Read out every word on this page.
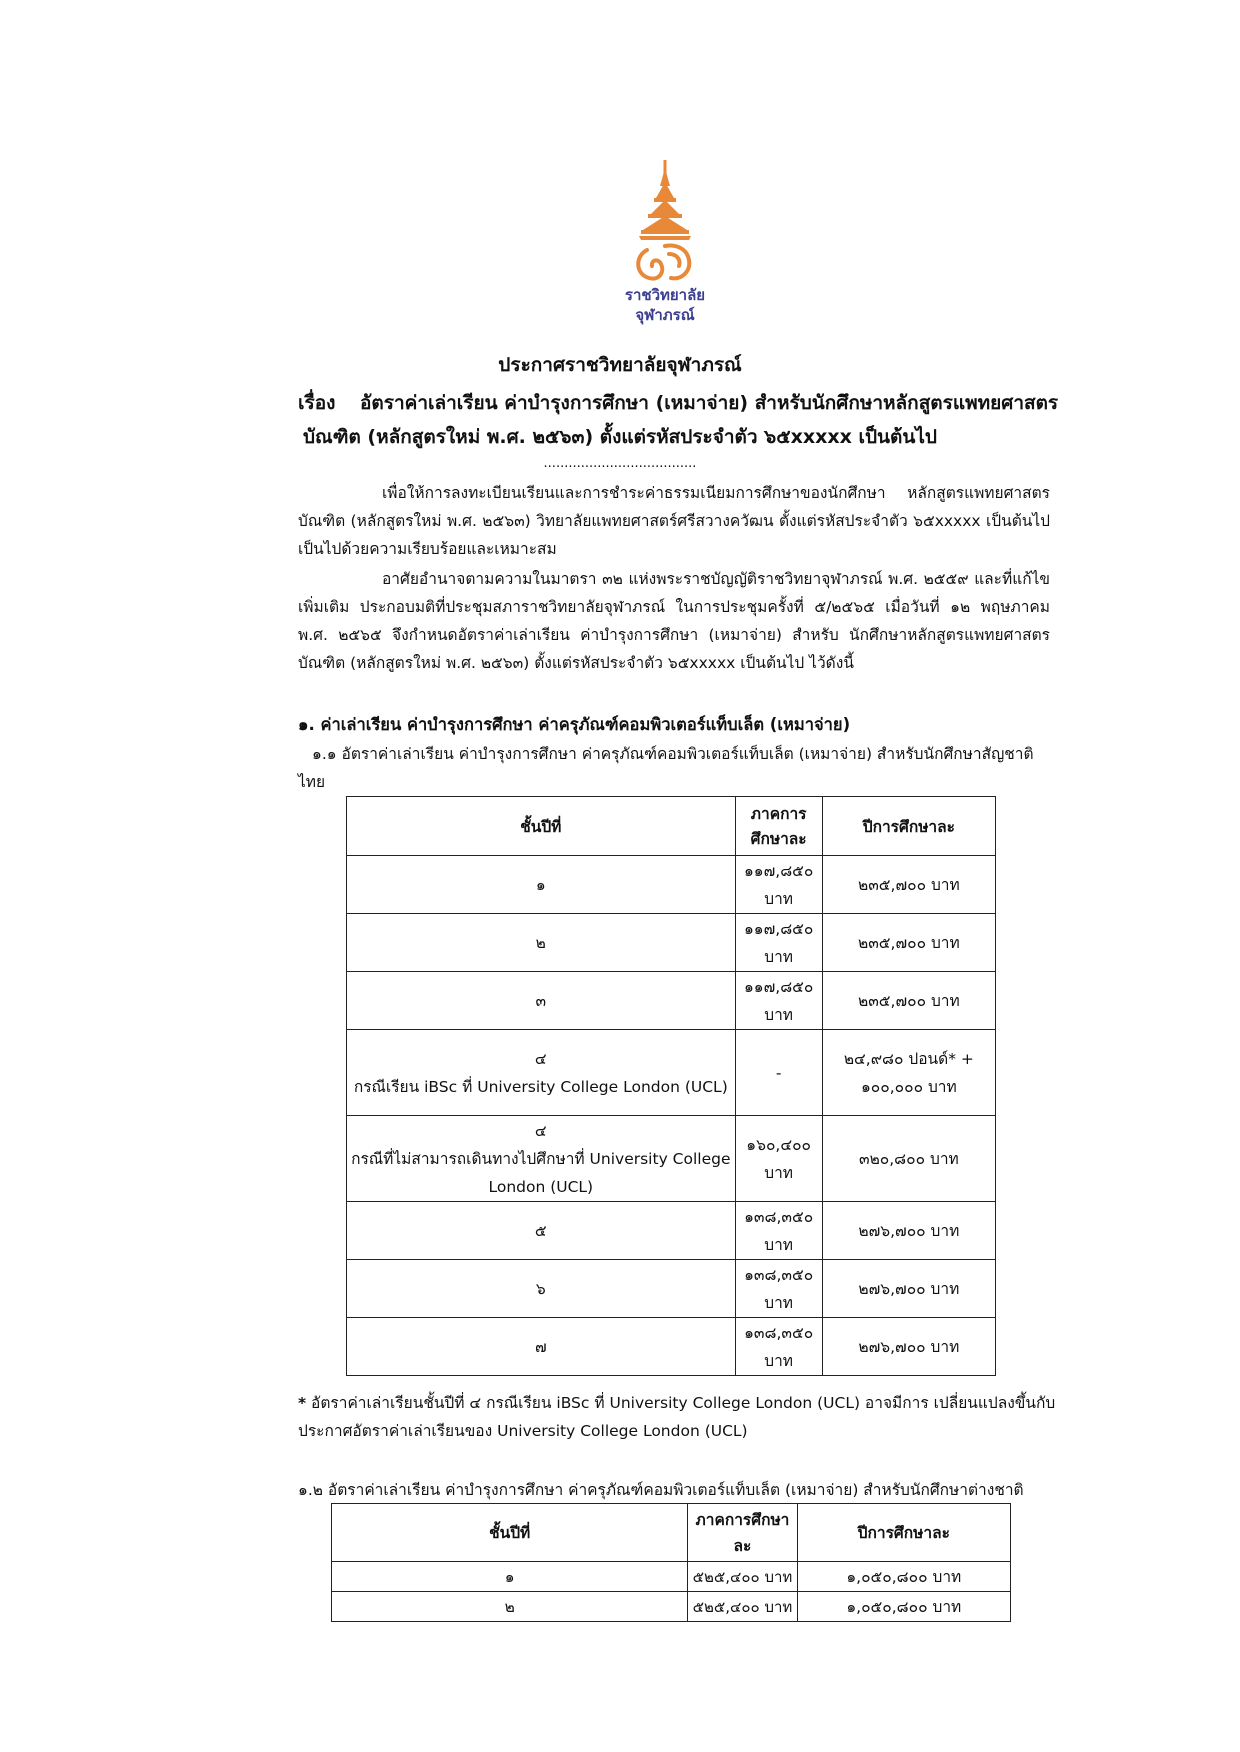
ราชวิทยาลัย
จุฬาภรณ์
ประกาศราชวิทยาลัยจุฬาภรณ์
เรื่อง อัตราค่าเล่าเรียน ค่าบำรุงการศึกษา (เหมาจ่าย) สำหรับนักศึกษาหลักสูตรแพทยศาสตร
บัณฑิต (หลักสูตรใหม่ พ.ศ. ๒๕๖๓) ตั้งแต่รหัสประจำตัว ๖๕xxxxx เป็นต้นไป
.....................................
เพื่อให้การลงทะเบียนเรียนและการชำระค่าธรรมเนียมการศึกษาของนักศึกษา หลักสูตรแพทยศาสตรบัณฑิต (หลักสูตรใหม่ พ.ศ. ๒๕๖๓) วิทยาลัยแพทยศาสตร์ศรีสวางควัฒน ตั้งแต่รหัสประจำตัว ๖๕xxxxx เป็นต้นไป เป็นไปด้วยความเรียบร้อยและเหมาะสม
อาศัยอำนาจตามความในมาตรา ๓๒ แห่งพระราชบัญญัติราชวิทยาจุฬาภรณ์ พ.ศ. ๒๕๕๙ และที่แก้ไขเพิ่มเติม ประกอบมติที่ประชุมสภาราชวิทยาลัยจุฬาภรณ์ ในการประชุมครั้งที่ ๕/๒๕๖๕ เมื่อวันที่ ๑๒ พฤษภาคม พ.ศ. ๒๕๖๕ จึงกำหนดอัตราค่าเล่าเรียน ค่าบำรุงการศึกษา (เหมาจ่าย) สำหรับ นักศึกษาหลักสูตรแพทยศาสตรบัณฑิต (หลักสูตรใหม่ พ.ศ. ๒๕๖๓) ตั้งแต่รหัสประจำตัว ๖๕xxxxx เป็นต้นไป ไว้ดังนี้
๑. ค่าเล่าเรียน ค่าบำรุงการศึกษา ค่าครุภัณฑ์คอมพิวเตอร์แท็บเล็ต (เหมาจ่าย)
๑.๑ อัตราค่าเล่าเรียน ค่าบำรุงการศึกษา ค่าครุภัณฑ์คอมพิวเตอร์แท็บเล็ต (เหมาจ่าย) สำหรับนักศึกษาสัญชาติไทย
ชั้นปีที่	ภาคการศึกษาละ	ปีการศึกษาละ
๑	๑๑๗,๘๕๐ บาท	๒๓๕,๗๐๐ บาท
๒	๑๑๗,๘๕๐ บาท	๒๓๕,๗๐๐ บาท
๓	๑๑๗,๘๕๐ บาท	๒๓๕,๗๐๐ บาท

๔
กรณีเรียน iBSc ที่ University College London (UCL)	-	๒๔,๙๘๐ ปอนด์* + ๑๐๐,๐๐๐ บาท

๔
กรณีที่ไม่สามารถเดินทางไปศึกษาที่ University College London (UCL)	๑๖๐,๔๐๐ บาท	๓๒๐,๘๐๐ บาท
๕	๑๓๘,๓๕๐ บาท	๒๗๖,๗๐๐ บาท
๖	๑๓๘,๓๕๐ บาท	๒๗๖,๗๐๐ บาท
๗	๑๓๘,๓๕๐ บาท	๒๗๖,๗๐๐ บาท
* อัตราค่าเล่าเรียนชั้นปีที่ ๔ กรณีเรียน iBSc ที่ University College London (UCL) อาจมีการ เปลี่ยนแปลงขึ้นกับประกาศอัตราค่าเล่าเรียนของ University College London (UCL)
๑.๒ อัตราค่าเล่าเรียน ค่าบำรุงการศึกษา ค่าครุภัณฑ์คอมพิวเตอร์แท็บเล็ต (เหมาจ่าย) สำหรับนักศึกษาต่างชาติ
ชั้นปีที่	ภาคการศึกษาละ	ปีการศึกษาละ
๑	๕๒๕,๔๐๐ บาท	๑,๐๕๐,๘๐๐ บาท
๒	๕๒๕,๔๐๐ บาท	๑,๐๕๐,๘๐๐ บาท
